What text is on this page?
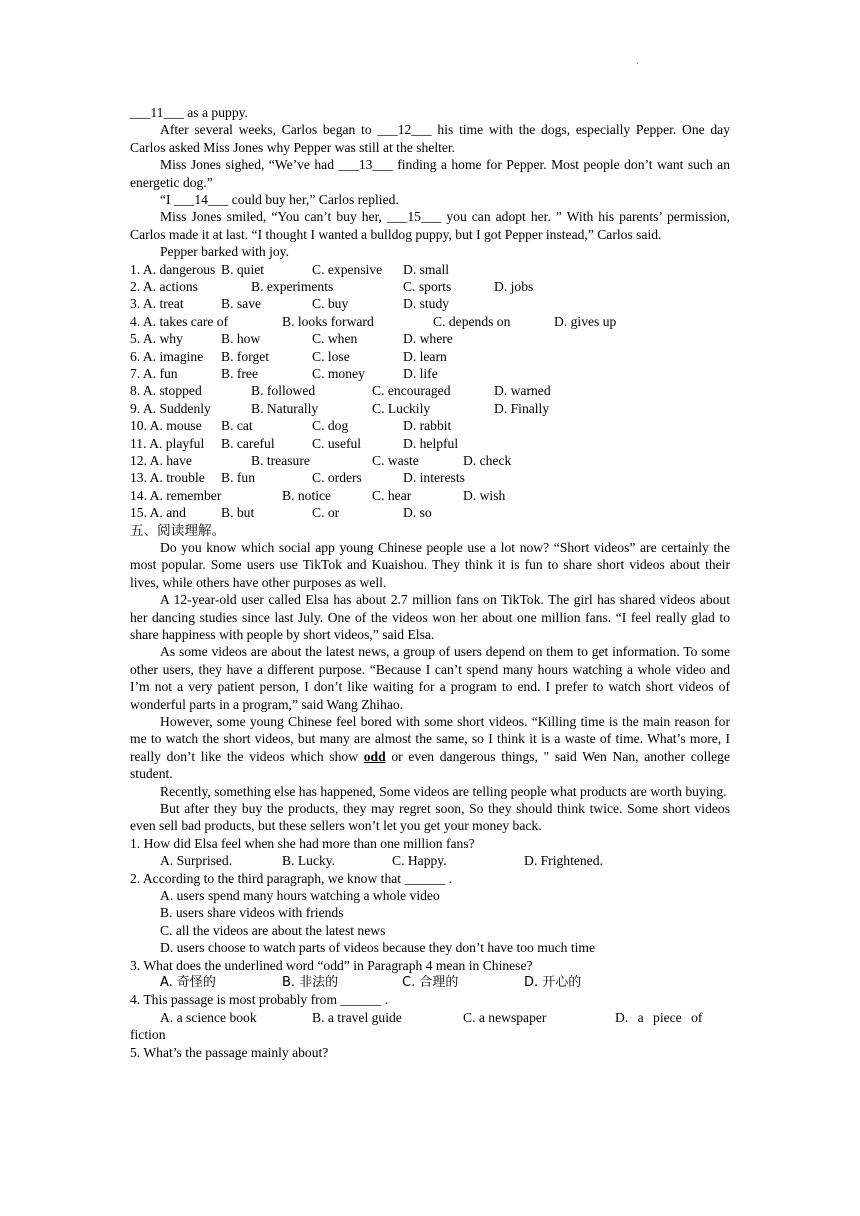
.

___11___ as a puppy.

After several weeks, Carlos began to ___12___ his time with the dogs, especially Pepper. One day Carlos asked Miss Jones why Pepper was still at the shelter.

Miss Jones sighed, “We’ve had ___13___ finding a home for Pepper. Most people don’t want such an energetic dog.”

“I ___14___ could buy her,” Carlos replied.

Miss Jones smiled, “You can’t buy her, ___15___ you can adopt her. ” With his parents’ permission, Carlos made it at last. “I thought I wanted a bulldog puppy, but I got Pepper instead,” Carlos said.

Pepper barked with joy.

1. A. dangerous B. quiet	C. expensive D. small
2. A. actions	B. experiments	C. sports	D. jobs
3. A. treat	B. save	C. buy	D. study
4. A. takes care of	B. looks forward	C. depends on	D. gives up
5. A. why	B. how	C. when	D. where
6. A. imagine B. forget	C. lose	D. learn
7. A. fun	B. free	C. money	D. life
8. A. stopped	B. followed	C. encouraged	D. warned
9. A. Suddenly	B. Naturally	C. Luckily	D. Finally
10. A. mouse B. cat	C. dog	D. rabbit
11. A. playful B. careful	C. useful	D. helpful
12. A. have	B. treasure	C. waste	D. check
13. A. trouble B. fun	C. orders	D. interests
14. A. remember	B. notice	C. hear	D. wish
15. A. and	B. but	C. or	D. so

五、阅读理解。

Do you know which social app young Chinese people use a lot now? “Short videos” are certainly the most popular. Some users use TikTok and Kuaishou. They think it is fun to share short videos about their lives, while others have other purposes as well.

A 12-year-old user called Elsa has about 2.7 million fans on TikTok. The girl has shared videos about her dancing studies since last July. One of the videos won her about one million fans. “I feel really glad to share happiness with people by short videos,” said Elsa.

As some videos are about the latest news, a group of users depend on them to get information. To some other users, they have a different purpose. “Because I can’t spend many hours watching a whole video and I’m not a very patient person, I don’t like waiting for a program to end. I prefer to watch short videos of wonderful parts in a program,” said Wang Zhihao.

However, some young Chinese feel bored with some short videos. “Killing time is the main reason for me to watch the short videos, but many are almost the same, so I think it is a waste of time. What’s more, I really don’t like the videos which show odd or even dangerous things, " said Wen Nan, another college student.

Recently, something else has happened, Some videos are telling people what products are worth buying.

But after they buy the products, they may regret soon, So they should think twice. Some short videos even sell bad products, but these sellers won’t let you get your money back.

1. How did Elsa feel when she had more than one million fans?

A. Surprised.	B. Lucky.	C. Happy.	D. Frightened.

2. According to the third paragraph, we know that ______ .

A. users spend many hours watching a whole video

B. users share videos with friends

C. all the videos are about the latest news

D. users choose to watch parts of videos because they don’t have too much time

3. What does the underlined word “odd” in Paragraph 4 mean in Chinese?

A. 奇怪的	B. 非法的	C. 合理的	D. 开心的

4. This passage is most probably from ______ .

A. a science book	B. a travel guide	C. a newspaper	D. a piece of

fiction

5. What’s the passage mainly about?
